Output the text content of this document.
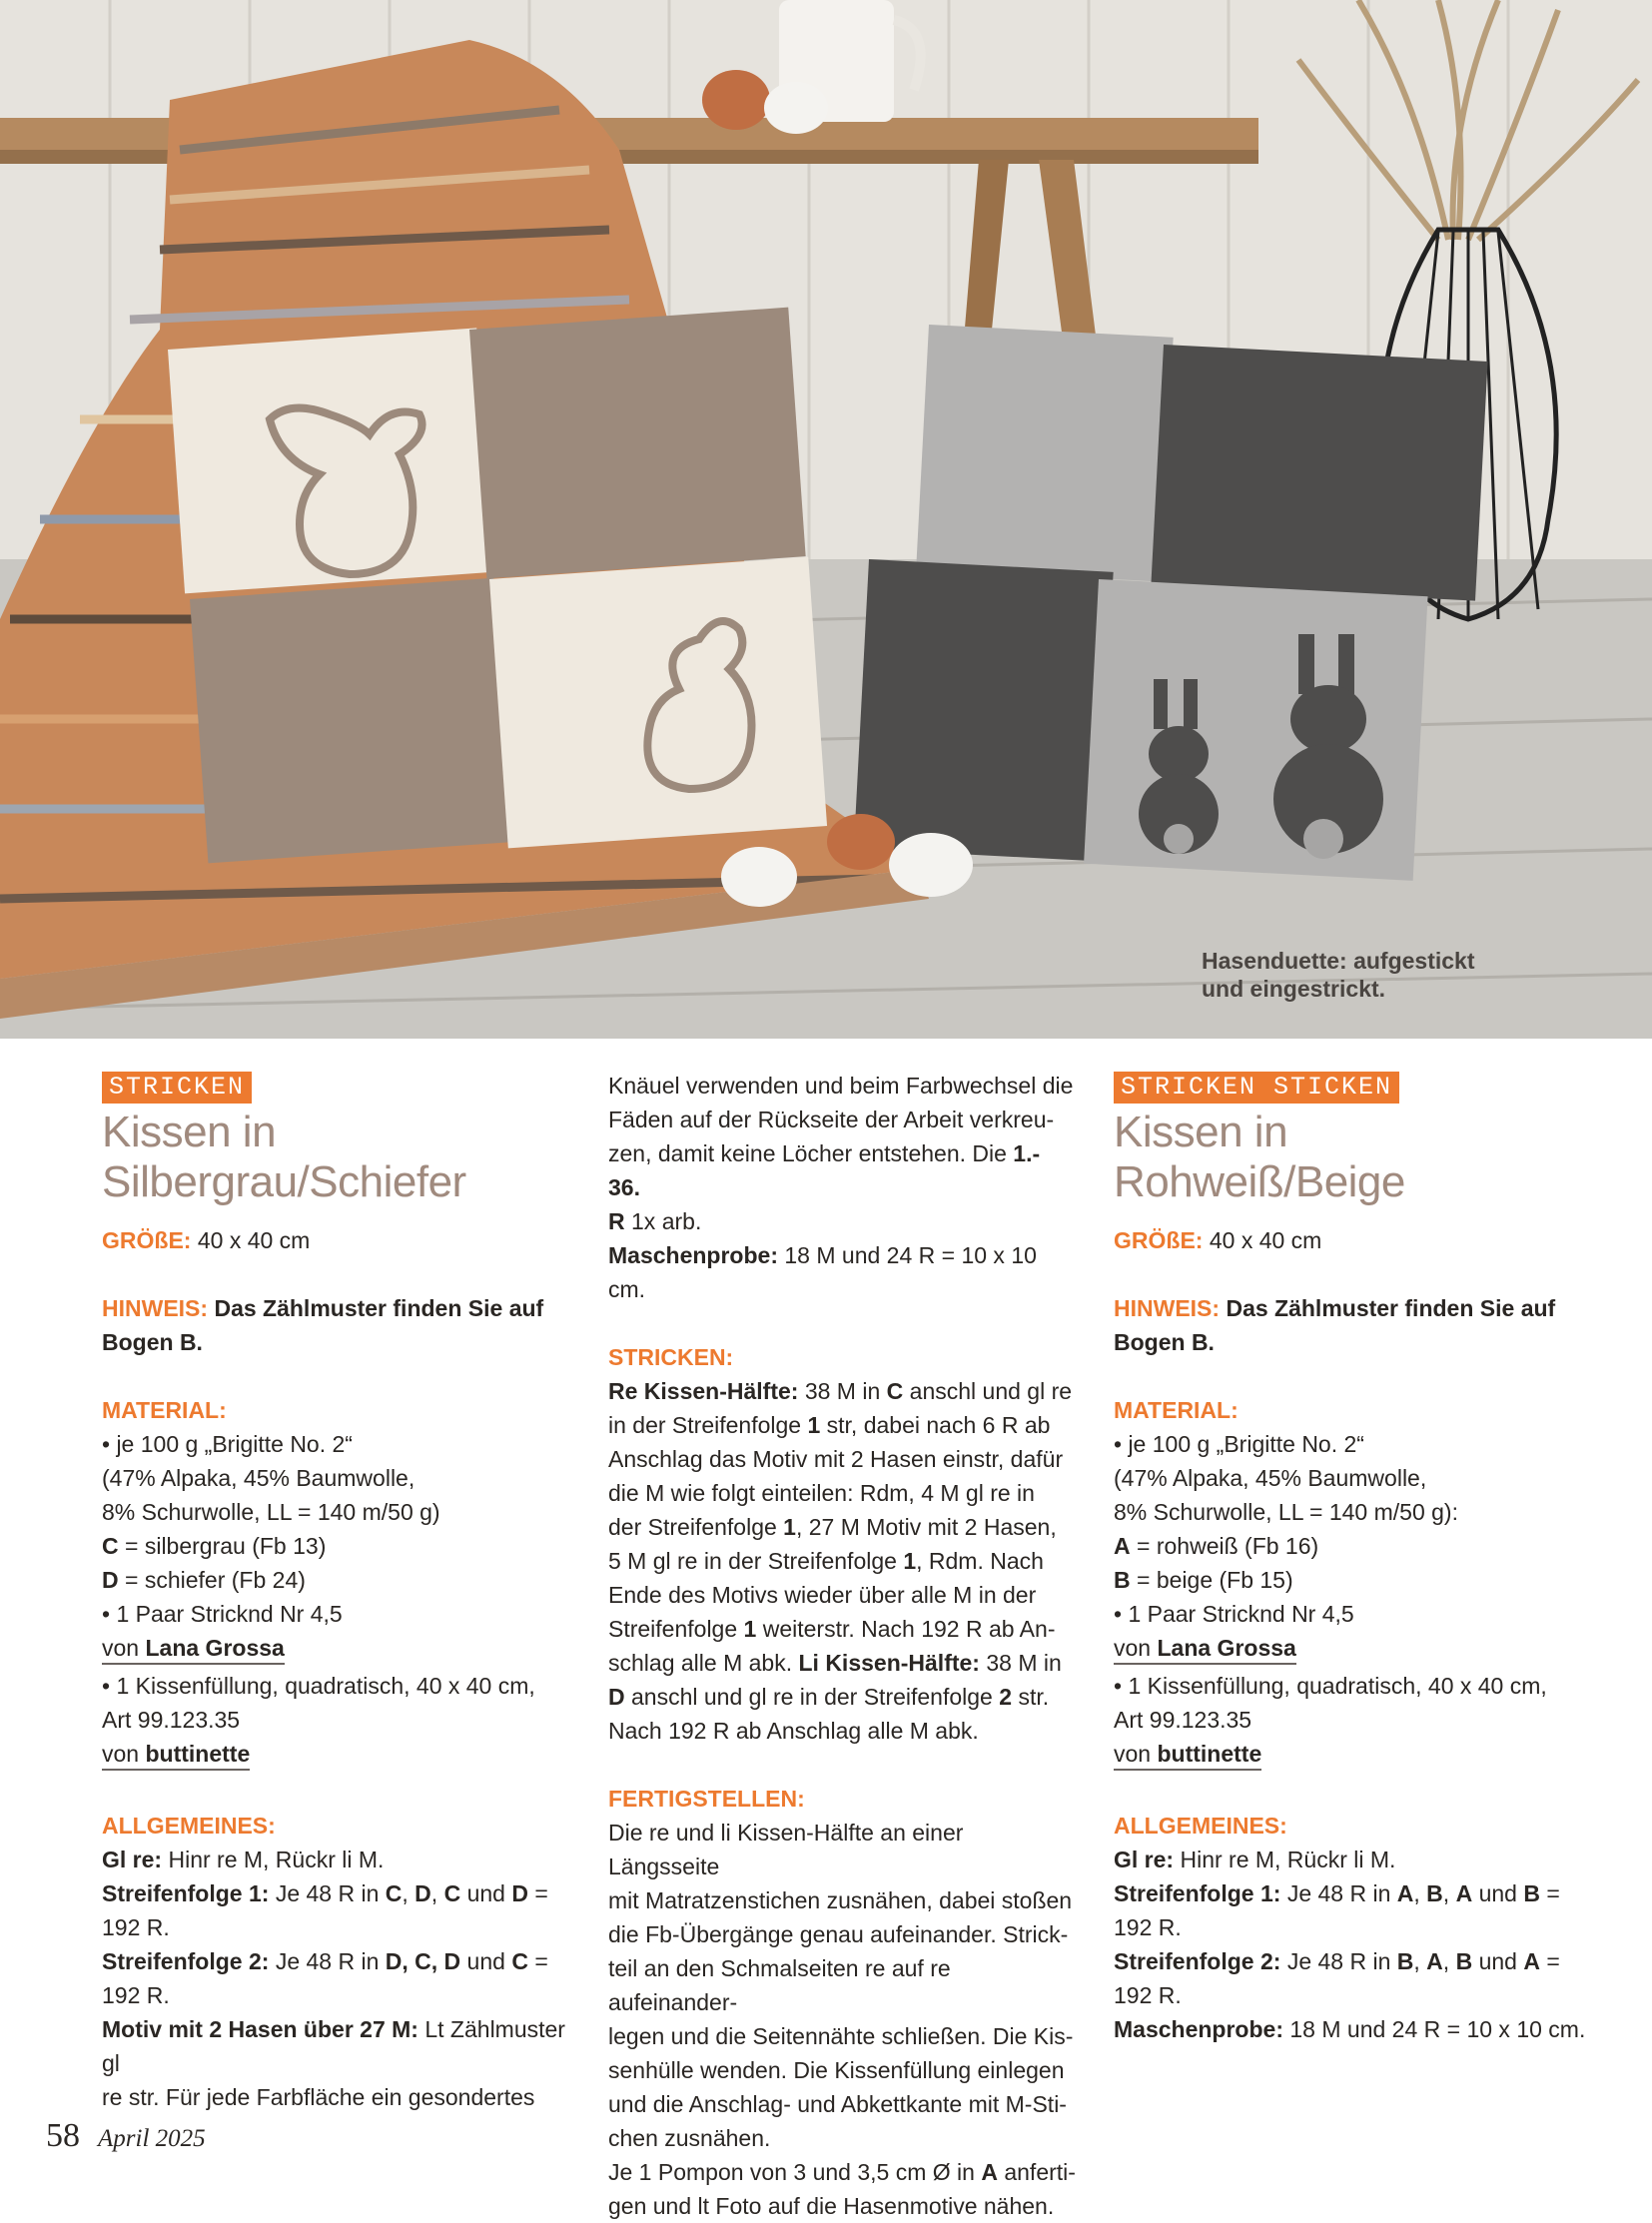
Hasenduette: aufgestickt
und eingestrickt.
STRICKEN
Kissen in
Silbergrau/Schiefer

GRÖßE: 40 x 40 cm

HINWEIS: Das Zählmuster finden Sie auf

Bogen B.

MATERIAL:

• je 100 g „Brigitte No. 2“

(47% Alpaka, 45% Baumwolle,

8% Schurwolle, LL = 140 m/50 g)

C = silbergrau (Fb 13)

D = schiefer (Fb 24)

• 1 Paar Stricknd Nr 4,5

von Lana Grossa

• 1 Kissenfüllung, quadratisch, 40 x 40 cm,

Art 99.123.35

von buttinette

ALLGEMEINES:

Gl re: Hinr re M, Rückr li M.

Streifenfolge 1: Je 48 R in C, D, C und D =

192 R.

Streifenfolge 2: Je 48 R in D, C, D und C =

192 R.

Motiv mit 2 Hasen über 27 M: Lt Zählmuster gl

re str. Für jede Farbfläche ein gesondertes

Knäuel verwenden und beim Farbwechsel die

Fäden auf der Rückseite der Arbeit verkreu-

zen, damit keine Löcher entstehen. Die 1.- 36.

R 1x arb.

Maschenprobe: 18 M und 24 R = 10 x 10 cm.

STRICKEN:

Re Kissen-Hälfte: 38 M in C anschl und gl re

in der Streifenfolge 1 str, dabei nach 6 R ab

Anschlag das Motiv mit 2 Hasen einstr, dafür

die M wie folgt einteilen: Rdm, 4 M gl re in

der Streifenfolge 1, 27 M Motiv mit 2 Hasen,

5 M gl re in der Streifenfolge 1, Rdm. Nach

Ende des Motivs wieder über alle M in der

Streifenfolge 1 weiterstr. Nach 192 R ab An-

schlag alle M abk. Li Kissen-Hälfte: 38 M in

D anschl und gl re in der Streifenfolge 2 str.

Nach 192 R ab Anschlag alle M abk.

FERTIGSTELLEN:

Die re und li Kissen-Hälfte an einer Längsseite

mit Matratzenstichen zusnähen, dabei stoßen

die Fb-Übergänge genau aufeinander. Strick-

teil an den Schmalseiten re auf re aufeinander-

legen und die Seitennähte schließen. Die Kis-

senhülle wenden. Die Kissenfüllung einlegen

und die Anschlag- und Abkettkante mit M-Sti-

chen zusnähen.

Je 1 Pompon von 3 und 3,5 cm Ø in A anferti-

gen und lt Foto auf die Hasenmotive nähen.

STRICKEN STICKEN
Kissen in
Rohweiß/Beige

GRÖßE: 40 x 40 cm

HINWEIS: Das Zählmuster finden Sie auf

Bogen B.

MATERIAL:

• je 100 g „Brigitte No. 2“

(47% Alpaka, 45% Baumwolle,

8% Schurwolle, LL = 140 m/50 g):

A = rohweiß (Fb 16)

B = beige (Fb 15)

• 1 Paar Stricknd Nr 4,5

von Lana Grossa

• 1 Kissenfüllung, quadratisch, 40 x 40 cm,

Art 99.123.35

von buttinette

ALLGEMEINES:

Gl re: Hinr re M, Rückr li M.

Streifenfolge 1: Je 48 R in A, B, A und B =

192 R.

Streifenfolge 2: Je 48 R in B, A, B und A =

192 R.

Maschenprobe: 18 M und 24 R = 10 x 10 cm.

58 April 2025
